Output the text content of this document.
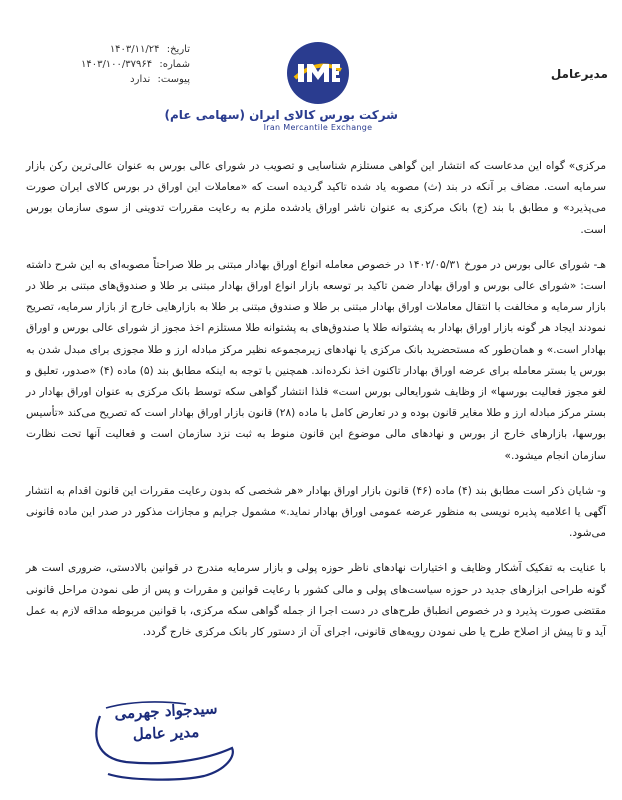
تاریخ: ۱۴۰۳/۱۱/۲۴
شماره: ۱۴۰۳/۱۰۰/۳۷۹۶۴
پیوست: ندارد
شرکت بورس کالای ایران (سهامی عام)
Iran Mercantile Exchange
مدیرعامل

مرکزی» گواه این مدعاست که انتشار این گواهی مستلزم شناسایی و تصویب در شورای عالی بورس به عنوان عالی‌ترین رکن بازار سرمایه است. مضاف بر آنکه در بند (ث) مصوبه یاد شده تاکید گردیده است که «معاملات این اوراق در بورس کالای ایران صورت می‌پذیرد» و مطابق با بند (ج) بانک مرکزی به عنوان ناشر اوراق یادشده ملزم به رعایت مقررات تدوینی از سوی سازمان بورس است.

هـ- شورای عالی بورس در مورخ ۱۴۰۲/۰۵/۳۱ در خصوص معامله انواع اوراق بهادار مبتنی بر طلا صراحتاً مصوبه‌ای به این شرح داشته است: «شورای عالی بورس و اوراق بهادار ضمن تاکید بر توسعه بازار انواع اوراق بهادار مبتنی بر طلا و صندوق‌های مبتنی بر طلا در بازار سرمایه و مخالفت با انتقال معاملات اوراق بهادار مبتنی بر طلا و صندوق مبتنی بر طلا به بازارهایی خارج از بازار سرمایه، تصریح نمودند ایجاد هر گونه بازار اوراق بهادار به پشتوانه طلا یا صندوق‌های به پشتوانه طلا مستلزم اخذ مجوز از شورای عالی بورس و اوراق بهادار است.» و همان‌طور که مستحضرید بانک مرکزی یا نهادهای زیرمجموعه نظیر مرکز مبادله ارز و طلا مجوزی برای مبدل شدن به بورس یا بستر معامله برای عرضه اوراق بهادار تاکنون اخذ نکرده‌اند. همچنین با توجه به اینکه مطابق بند (۵) ماده (۴) «صدور، تعلیق و لغو مجوز فعالیت بورسها» از وظایف شورایعالی بورس است» فلذا انتشار گواهی سکه توسط بانک مرکزی به عنوان اوراق بهادار در بستر مرکز مبادله ارز و طلا مغایر قانون بوده و در تعارض کامل با ماده (۲۸) قانون بازار اوراق بهادار است که تصریح می‌کند «تأسیس بورسها، بازارهای خارج از بورس و نهادهای مالی موضوع این قانون منوط به ثبت نزد سازمان است و فعالیت آنها تحت نظارت سازمان انجام میشود.»

و- شایان ذکر است مطابق بند (۴) ماده (۴۶) قانون بازار اوراق بهادار «هر شخصی که بدون رعایت مقررات این قانون اقدام به انتشار آگهی یا اعلامیه پذیره نویسی به منظور عرضه عمومی اوراق بهادار نماید.» مشمول جرایم و مجازات مذکور در صدر این ماده قانونی می‌شود.

با عنایت به تفکیک آشکار وظایف و اختیارات نهادهای ناظر حوزه پولی و بازار سرمایه مندرج در قوانین بالادستی، ضروری است هر گونه طراحی ابزارهای جدید در حوزه سیاست‌های پولی و مالی کشور با رعایت قوانین و مقررات و پس از طی نمودن مراحل قانونی مقتضی صورت پذیرد و در خصوص انطباق طرح‌های در دست اجرا از جمله گواهی سکه مرکزی، با قوانین مربوطه مداقه لازم به عمل آید و تا پیش از اصلاح طرح یا طی نمودن رویه‌های قانونی، اجرای آن از دستور کار بانک مرکزی خارج گردد.

سیدجواد جهرمی
مدیر عامل
